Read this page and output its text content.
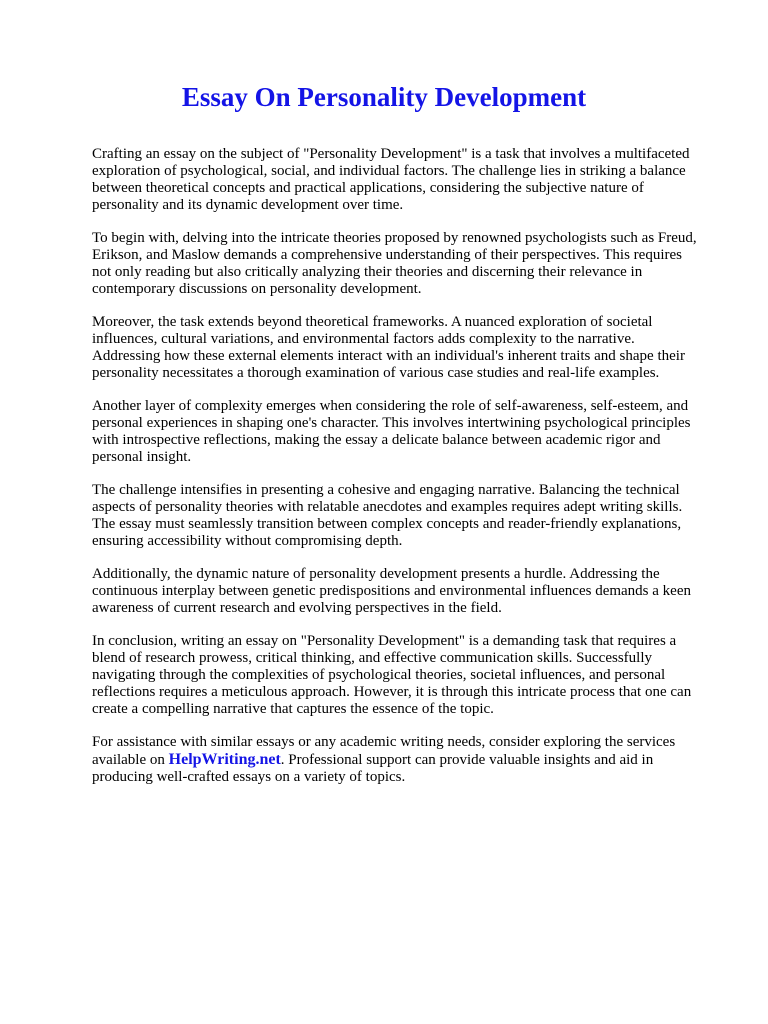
Essay On Personality Development

Crafting an essay on the subject of "Personality Development" is a task that involves a multifaceted
exploration of psychological, social, and individual factors. The challenge lies in striking a balance
between theoretical concepts and practical applications, considering the subjective nature of
personality and its dynamic development over time.

To begin with, delving into the intricate theories proposed by renowned psychologists such as Freud,
Erikson, and Maslow demands a comprehensive understanding of their perspectives. This requires
not only reading but also critically analyzing their theories and discerning their relevance in
contemporary discussions on personality development.

Moreover, the task extends beyond theoretical frameworks. A nuanced exploration of societal
influences, cultural variations, and environmental factors adds complexity to the narrative.
Addressing how these external elements interact with an individual's inherent traits and shape their
personality necessitates a thorough examination of various case studies and real-life examples.

Another layer of complexity emerges when considering the role of self-awareness, self-esteem, and
personal experiences in shaping one's character. This involves intertwining psychological principles
with introspective reflections, making the essay a delicate balance between academic rigor and
personal insight.

The challenge intensifies in presenting a cohesive and engaging narrative. Balancing the technical
aspects of personality theories with relatable anecdotes and examples requires adept writing skills.
The essay must seamlessly transition between complex concepts and reader-friendly explanations,
ensuring accessibility without compromising depth.

Additionally, the dynamic nature of personality development presents a hurdle. Addressing the
continuous interplay between genetic predispositions and environmental influences demands a keen
awareness of current research and evolving perspectives in the field.

In conclusion, writing an essay on "Personality Development" is a demanding task that requires a
blend of research prowess, critical thinking, and effective communication skills. Successfully
navigating through the complexities of psychological theories, societal influences, and personal
reflections requires a meticulous approach. However, it is through this intricate process that one can
create a compelling narrative that captures the essence of the topic.

For assistance with similar essays or any academic writing needs, consider exploring the services
available on HelpWriting.net. Professional support can provide valuable insights and aid in
producing well-crafted essays on a variety of topics.
